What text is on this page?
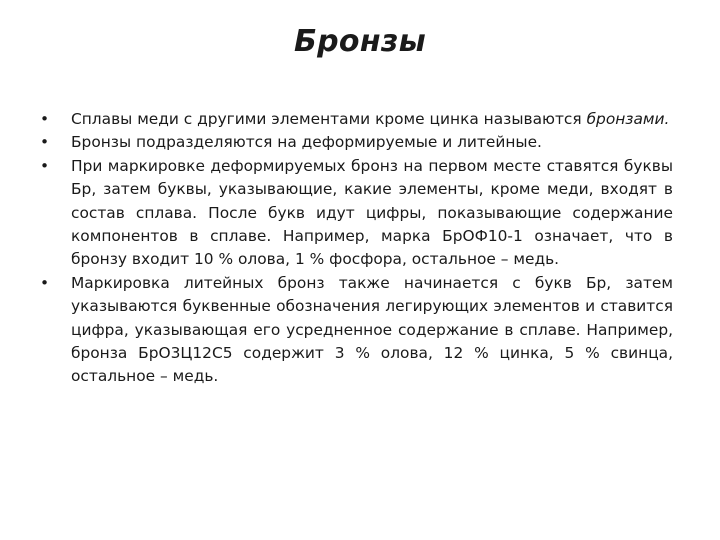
Бронзы
•	Сплавы меди с другими элементами кроме цинка называются бронзами.
•	Бронзы подразделяются на деформируемые и литейные.
•	При маркировке деформируемых бронз на первом месте ставятся буквы Бр, затем буквы, указывающие, какие элементы, кроме меди, входят в состав сплава. После букв идут цифры, показывающие содержание компонентов в сплаве. Например, марка БрОФ10-1 означает, что в бронзу входит 10 % олова, 1 % фосфора, остальное – медь.
•	Маркировка литейных бронз также начинается с букв Бр, затем указываются буквенные обозначения легирующих элементов и ставится цифра, указывающая его усредненное содержание в сплаве. Например, бронза БрО3Ц12С5 содержит 3 % олова, 12 % цинка, 5 % свинца, остальное – медь.
